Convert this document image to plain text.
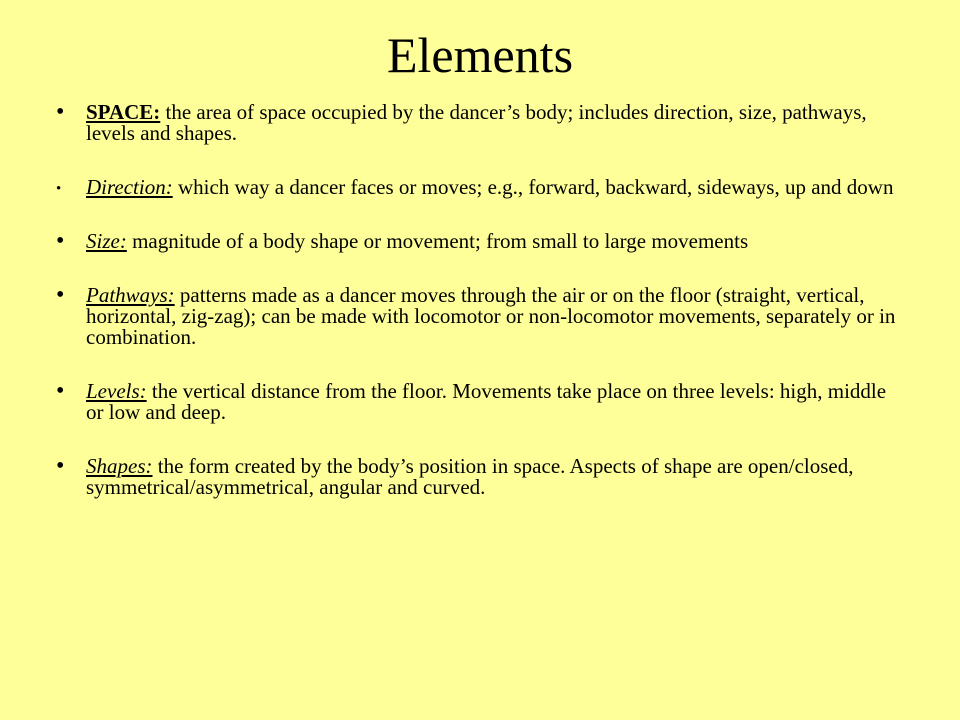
Elements
• SPACE: the area of space occupied by the dancer’s body; includes direction, size, pathways, levels and shapes.
• Direction: which way a dancer faces or moves; e.g., forward, backward, sideways, up and down
• Size: magnitude of a body shape or movement; from small to large movements
• Pathways: patterns made as a dancer moves through the air or on the floor (straight, vertical, horizontal, zig-zag); can be made with locomotor or non-locomotor movements, separately or in combination.
• Levels: the vertical distance from the floor. Movements take place on three levels: high, middle or low and deep.
• Shapes: the form created by the body’s position in space. Aspects of shape are open/closed, symmetrical/asymmetrical, angular and curved.
